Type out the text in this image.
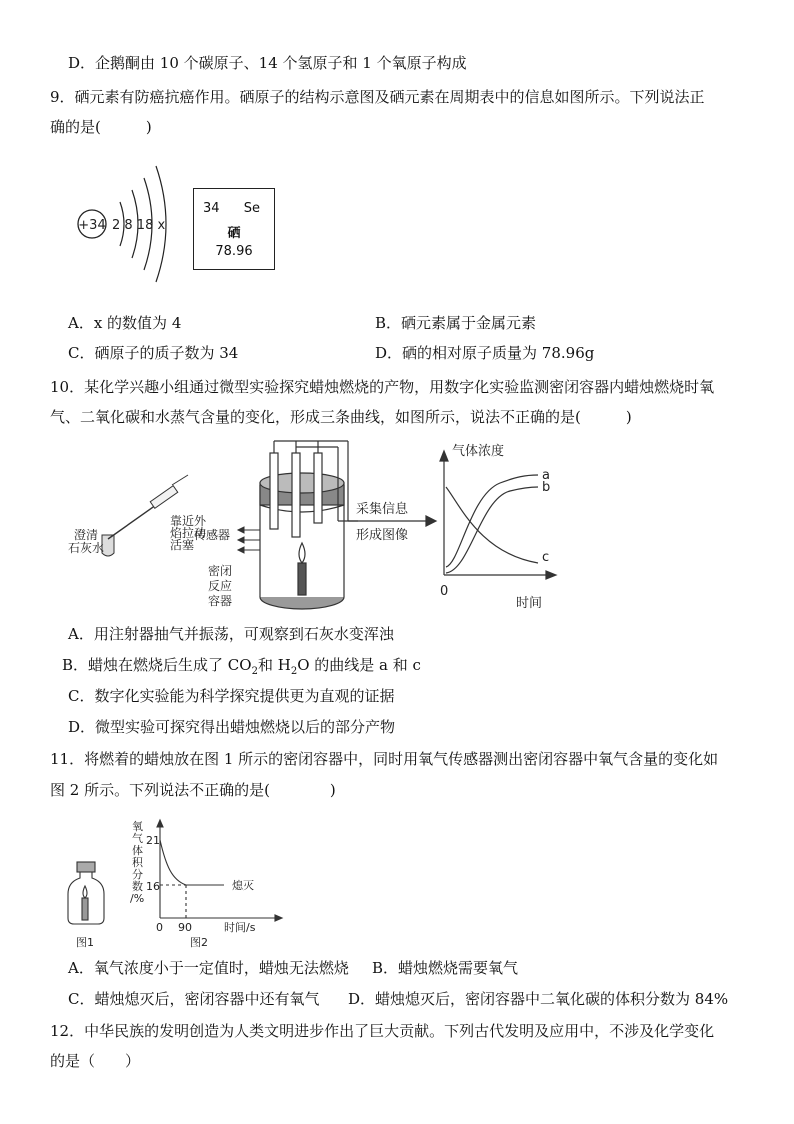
D．企鹅酮由 10 个碳原子、14 个氢原子和 1 个氧原子构成
9．硒元素有防癌抗癌作用。硒原子的结构示意图及硒元素在周期表中的信息如图所示。下列说法正
确的是(　　　)
+34 2 8 18 x
34 Se
硒
78.96
A．x 的数值为 4	B．硒元素属于金属元素
C．硒原子的质子数为 34	D．硒的相对原子质量为 78.96g
10．某化学兴趣小组通过微型实验探究蜡烛燃烧的产物，用数字化实验监测密闭容器内蜡烛燃烧时氧
气、二氧化碳和水蒸气含量的变化，形成三条曲线，如图所示，说法不正确的是(　　　)
澄清
石灰水
靠近外
焰拉动
活塞
传感器
密闭
反应
容器
采集信息
形成图像
气体浓度
时间
0
a
b
c
A．用注射器抽气并振荡，可观察到石灰水变浑浊
B．蜡烛在燃烧后生成了 $CO_2$和 $H_2O$ 的曲线是 a 和 c
C．数字化实验能为科学探究提供更为直观的证据
D．微型实验可探究得出蜡烛燃烧以后的部分产物
11．将燃着的蜡烛放在图 1 所示的密闭容器中，同时用氧气传感器测出密闭容器中氧气含量的变化如
图 2 所示。下列说法不正确的是(　　　　)
图1
氧
气
体
积
分
数
/%
21
16	熄灭
0 90	时间/s
图2
A．氧气浓度小于一定值时，蜡烛无法燃烧 B．蜡烛燃烧需要氧气
C．蜡烛熄灭后，密闭容器中还有氧气 D．蜡烛熄灭后，密闭容器中二氧化碳的体积分数为 84%
12．中华民族的发明创造为人类文明进步作出了巨大贡献。下列古代发明及应用中，不涉及化学变化
的是（　　）
